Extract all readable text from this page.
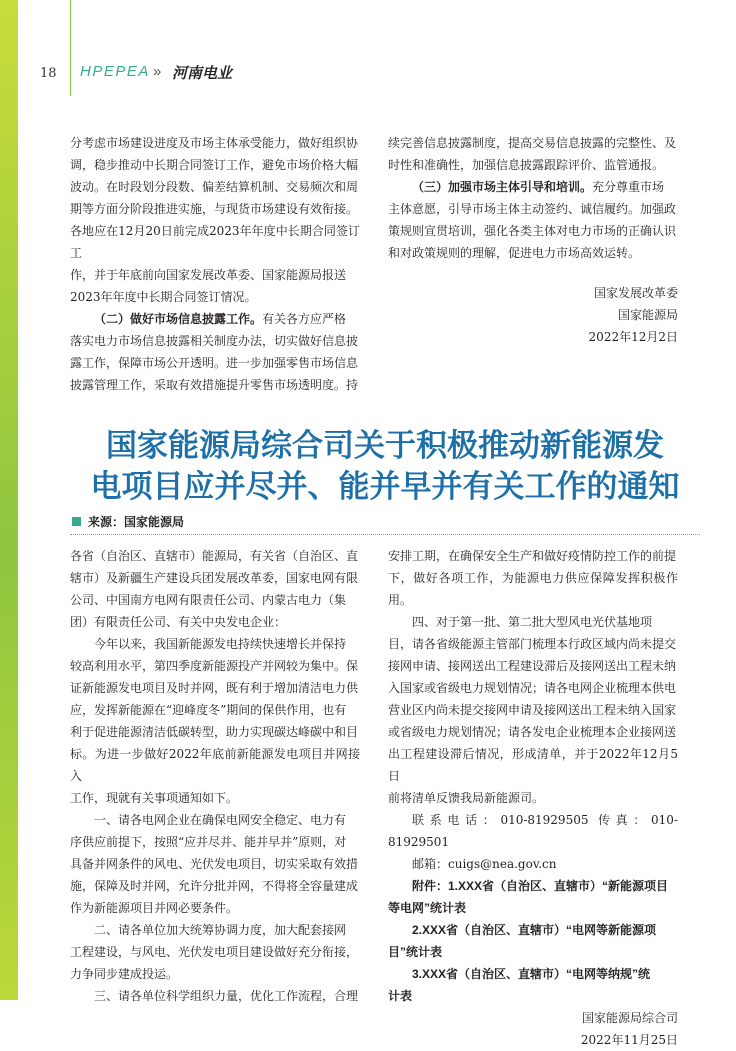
18 HPEPEA » 河南电业

分考虑市场建设进度及市场主体承受能力，做好组织协

调，稳步推动中长期合同签订工作，避免市场价格大幅

波动。在时段划分段数、偏差结算机制、交易频次和周

期等方面分阶段推进实施，与现货市场建设有效衔接。

各地应在12月20日前完成2023年年度中长期合同签订工

作，并于年底前向国家发展改革委、国家能源局报送

2023年年度中长期合同签订情况。

（二）做好市场信息披露工作。有关各方应严格

落实电力市场信息披露相关制度办法，切实做好信息披

露工作，保障市场公开透明。进一步加强零售市场信息

披露管理工作，采取有效措施提升零售市场透明度。持

续完善信息披露制度，提高交易信息披露的完整性、及

时性和准确性，加强信息披露跟踪评价、监管通报。

（三）加强市场主体引导和培训。充分尊重市场

主体意愿，引导市场主体主动签约、诚信履约。加强政

策规则宣贯培训，强化各类主体对电力市场的正确认识

和对政策规则的理解，促进电力市场高效运转。

国家发展改革委

国家能源局

2022年12月2日

国家能源局综合司关于积极推动新能源发
电项目应并尽并、能并早并有关工作的通知
来源：国家能源局

各省（自治区、直辖市）能源局，有关省（自治区、直

辖市）及新疆生产建设兵团发展改革委，国家电网有限

公司、中国南方电网有限责任公司、内蒙古电力（集

团）有限责任公司、有关中央发电企业：

今年以来，我国新能源发电持续快速增长并保持

较高利用水平，第四季度新能源投产并网较为集中。保

证新能源发电项目及时并网，既有利于增加清洁电力供

应，发挥新能源在“迎峰度冬”期间的保供作用，也有

利于促进能源清洁低碳转型，助力实现碳达峰碳中和目

标。为进一步做好2022年底前新能源发电项目并网接入

工作，现就有关事项通知如下。

一、请各电网企业在确保电网安全稳定、电力有

序供应前提下，按照“应并尽并、能并早并”原则，对

具备并网条件的风电、光伏发电项目，切实采取有效措

施，保障及时并网，允许分批并网，不得将全容量建成

作为新能源项目并网必要条件。

二、请各单位加大统筹协调力度，加大配套接网

工程建设，与风电、光伏发电项目建设做好充分衔接，

力争同步建成投运。

三、请各单位科学组织力量，优化工作流程，合理

安排工期，在确保安全生产和做好疫情防控工作的前提

下，做好各项工作，为能源电力供应保障发挥积极作用。

四、对于第一批、第二批大型风电光伏基地项

目，请各省级能源主管部门梳理本行政区域内尚未提交

接网申请、接网送出工程建设滞后及接网送出工程未纳

入国家或省级电力规划情况；请各电网企业梳理本供电

营业区内尚未提交接网申请及接网送出工程未纳入国家

或省级电力规划情况；请各发电企业梳理本企业接网送

出工程建设滞后情况，形成清单，并于2022年12月5日

前将清单反馈我局新能源司。

联系电话：010-81929505 传真：010-81929501

邮箱：cuigs@nea.gov.cn

附件：1.XXX省（自治区、直辖市）“新能源项目

等电网”统计表

2.XXX省（自治区、直辖市）“电网等新能源项

目”统计表

3.XXX省（自治区、直辖市）“电网等纳规”统

计表

国家能源局综合司

2022年11月25日
